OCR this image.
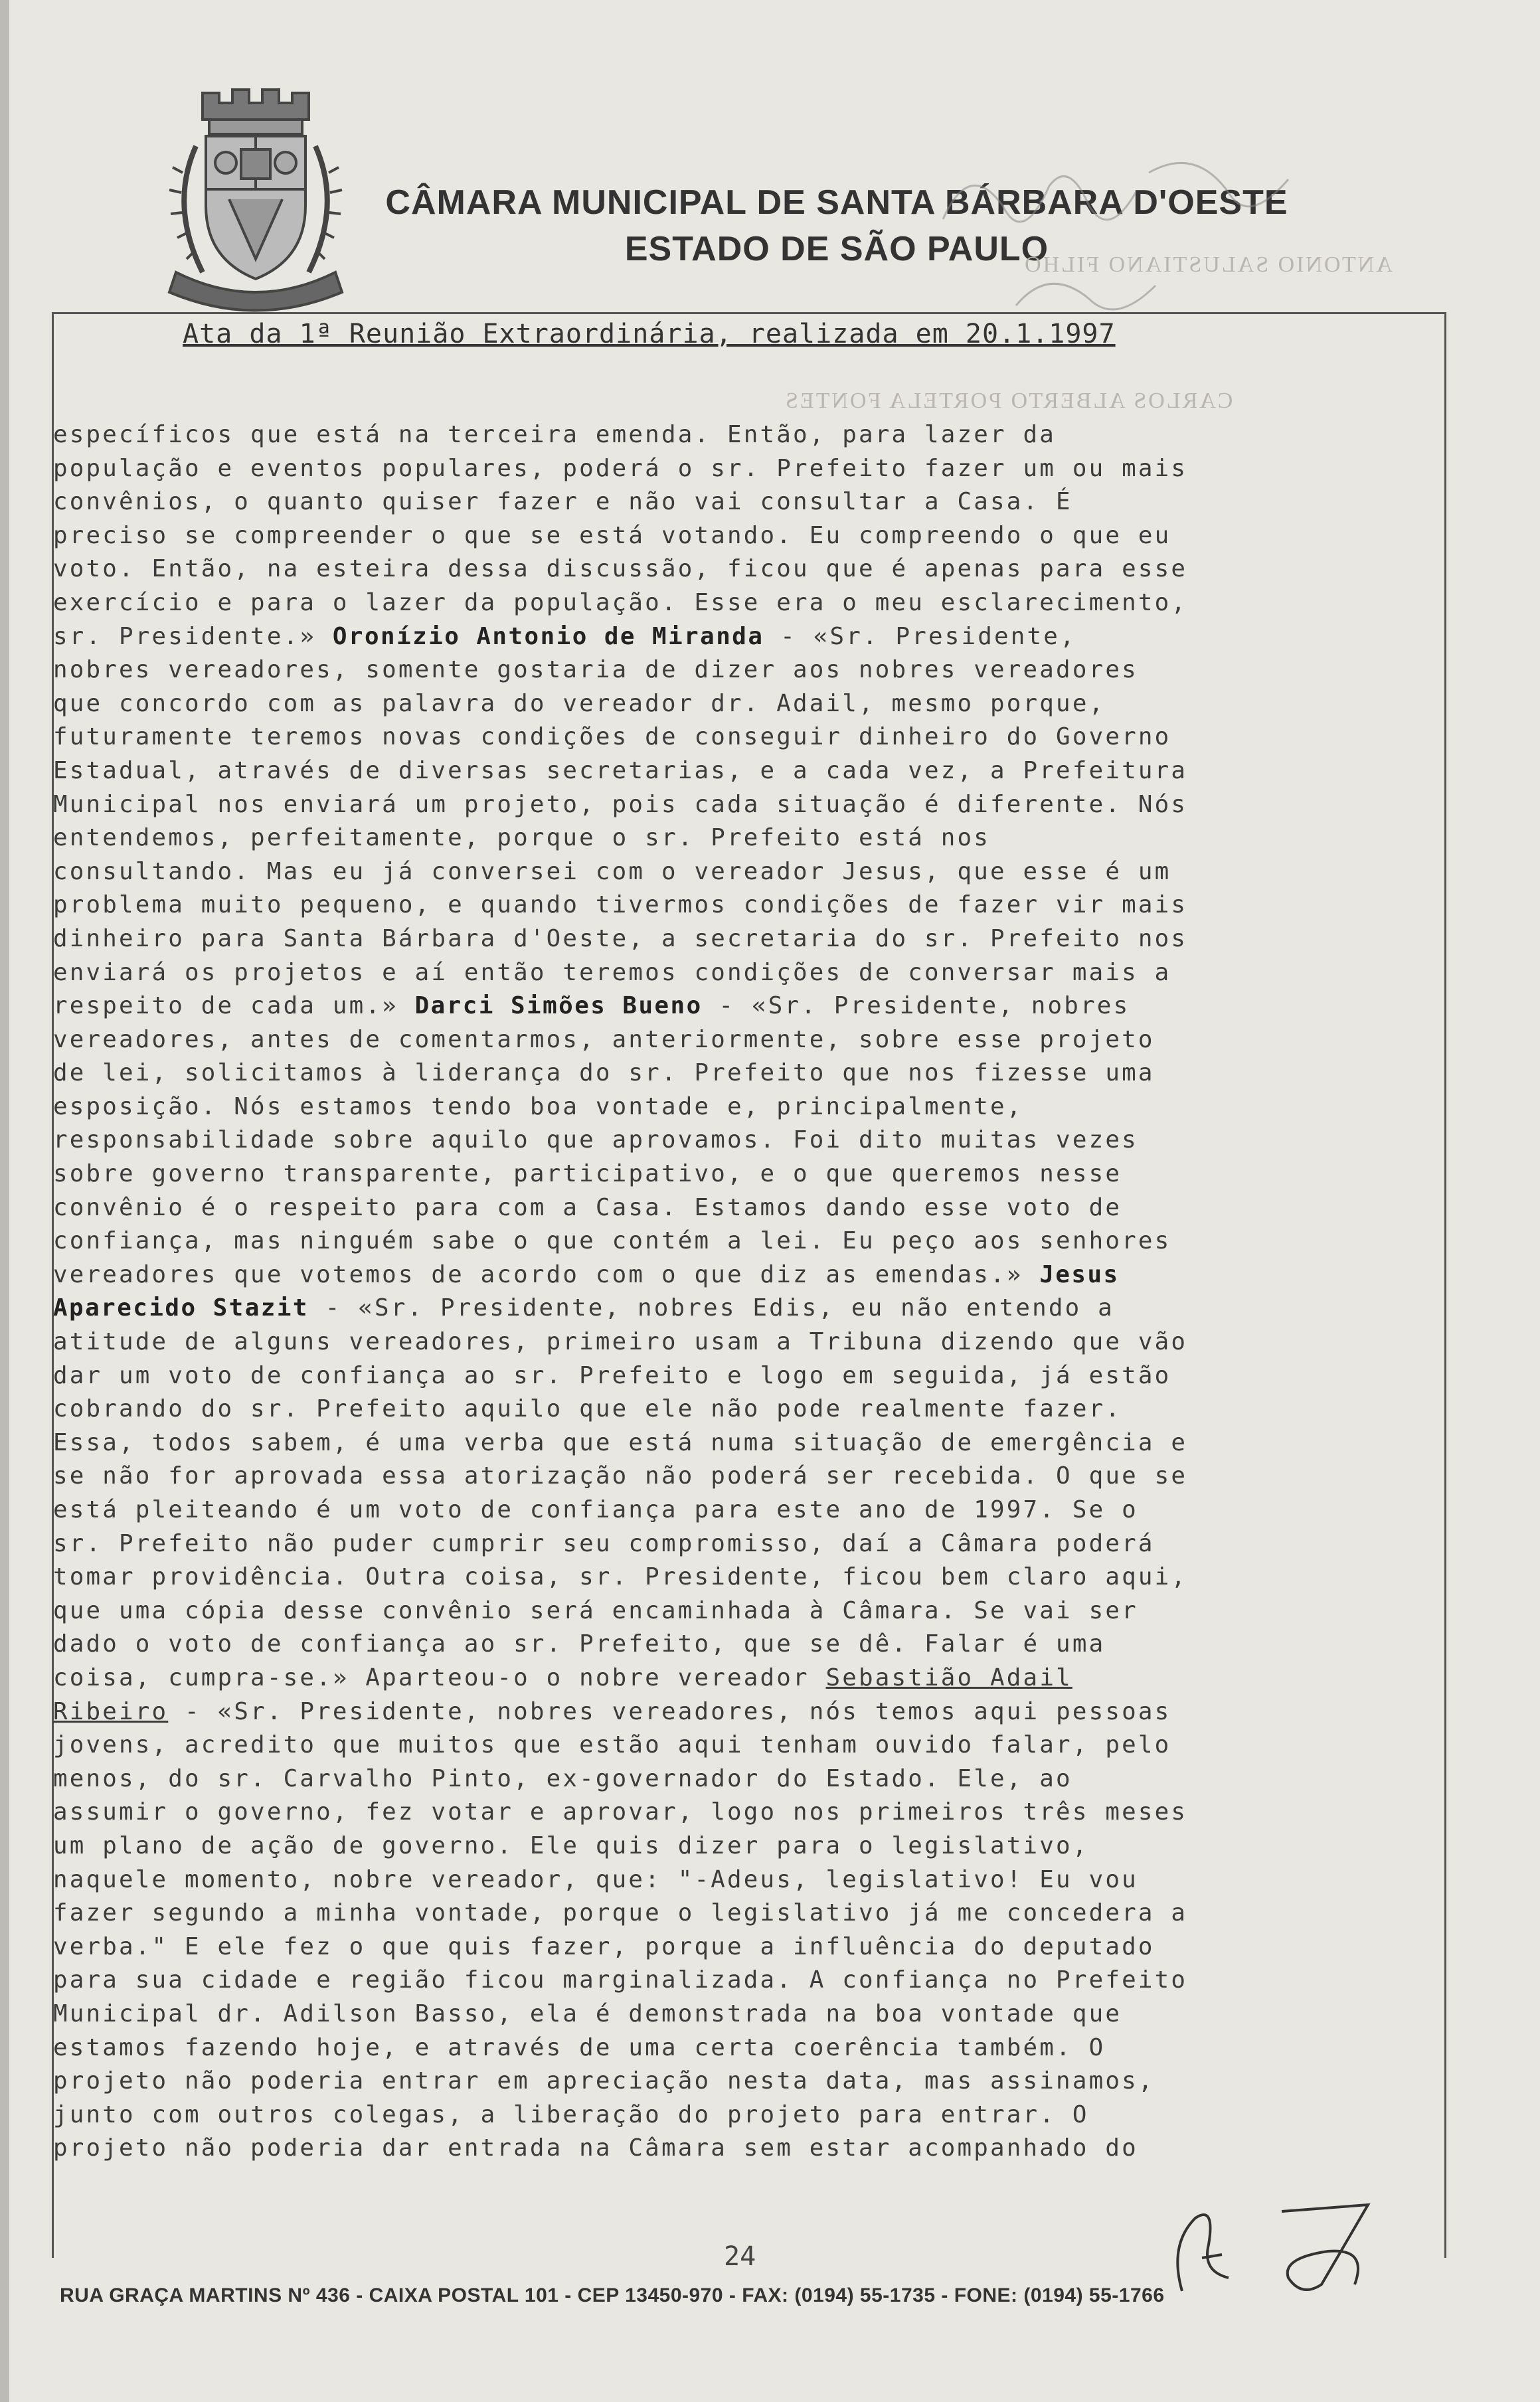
CÂMARA MUNICIPAL DE SANTA BÁRBARA D'OESTE
ESTADO DE SÃO PAULO
ANTONIO SALUSTIANO FILHO
CARLOS ALBERTO PORTELA FONTES
Ata da 1ª Reunião Extraordinária, realizada em 20.1.1997
específicos que está na terceira emenda. Então, para lazer da
população e eventos populares, poderá o sr. Prefeito fazer um ou mais
convênios, o quanto quiser fazer e não vai consultar a Casa. É
preciso se compreender o que se está votando. Eu compreendo o que eu
voto. Então, na esteira dessa discussão, ficou que é apenas para esse
exercício e para o lazer da população. Esse era o meu esclarecimento,
sr. Presidente.» Oronízio Antonio de Miranda - «Sr. Presidente,
nobres vereadores, somente gostaria de dizer aos nobres vereadores
que concordo com as palavra do vereador dr. Adail, mesmo porque,
futuramente teremos novas condições de conseguir dinheiro do Governo
Estadual, através de diversas secretarias, e a cada vez, a Prefeitura
Municipal nos enviará um projeto, pois cada situação é diferente. Nós
entendemos, perfeitamente, porque o sr. Prefeito está nos
consultando. Mas eu já conversei com o vereador Jesus, que esse é um
problema muito pequeno, e quando tivermos condições de fazer vir mais
dinheiro para Santa Bárbara d'Oeste, a secretaria do sr. Prefeito nos
enviará os projetos e aí então teremos condições de conversar mais a
respeito de cada um.» Darci Simões Bueno - «Sr. Presidente, nobres
vereadores, antes de comentarmos, anteriormente, sobre esse projeto
de lei, solicitamos à liderança do sr. Prefeito que nos fizesse uma
esposição. Nós estamos tendo boa vontade e, principalmente,
responsabilidade sobre aquilo que aprovamos. Foi dito muitas vezes
sobre governo transparente, participativo, e o que queremos nesse
convênio é o respeito para com a Casa. Estamos dando esse voto de
confiança, mas ninguém sabe o que contém a lei. Eu peço aos senhores
vereadores que votemos de acordo com o que diz as emendas.» Jesus
Aparecido Stazit - «Sr. Presidente, nobres Edis, eu não entendo a
atitude de alguns vereadores, primeiro usam a Tribuna dizendo que vão
dar um voto de confiança ao sr. Prefeito e logo em seguida, já estão
cobrando do sr. Prefeito aquilo que ele não pode realmente fazer.
Essa, todos sabem, é uma verba que está numa situação de emergência e
se não for aprovada essa atorização não poderá ser recebida. O que se
está pleiteando é um voto de confiança para este ano de 1997. Se o
sr. Prefeito não puder cumprir seu compromisso, daí a Câmara poderá
tomar providência. Outra coisa, sr. Presidente, ficou bem claro aqui,
que uma cópia desse convênio será encaminhada à Câmara. Se vai ser
dado o voto de confiança ao sr. Prefeito, que se dê. Falar é uma
coisa, cumpra-se.» Aparteou-o o nobre vereador Sebastião Adail
Ribeiro - «Sr. Presidente, nobres vereadores, nós temos aqui pessoas
jovens, acredito que muitos que estão aqui tenham ouvido falar, pelo
menos, do sr. Carvalho Pinto, ex-governador do Estado. Ele, ao
assumir o governo, fez votar e aprovar, logo nos primeiros três meses
um plano de ação de governo. Ele quis dizer para o legislativo,
naquele momento, nobre vereador, que: "-Adeus, legislativo! Eu vou
fazer segundo a minha vontade, porque o legislativo já me concedera a
verba." E ele fez o que quis fazer, porque a influência do deputado
para sua cidade e região ficou marginalizada. A confiança no Prefeito
Municipal dr. Adilson Basso, ela é demonstrada na boa vontade que
estamos fazendo hoje, e através de uma certa coerência também. O
projeto não poderia entrar em apreciação nesta data, mas assinamos,
junto com outros colegas, a liberação do projeto para entrar. O
projeto não poderia dar entrada na Câmara sem estar acompanhado do
24
RUA GRAÇA MARTINS Nº 436 - CAIXA POSTAL 101 - CEP 13450-970 - FAX: (0194) 55-1735 - FONE: (0194) 55-1766
